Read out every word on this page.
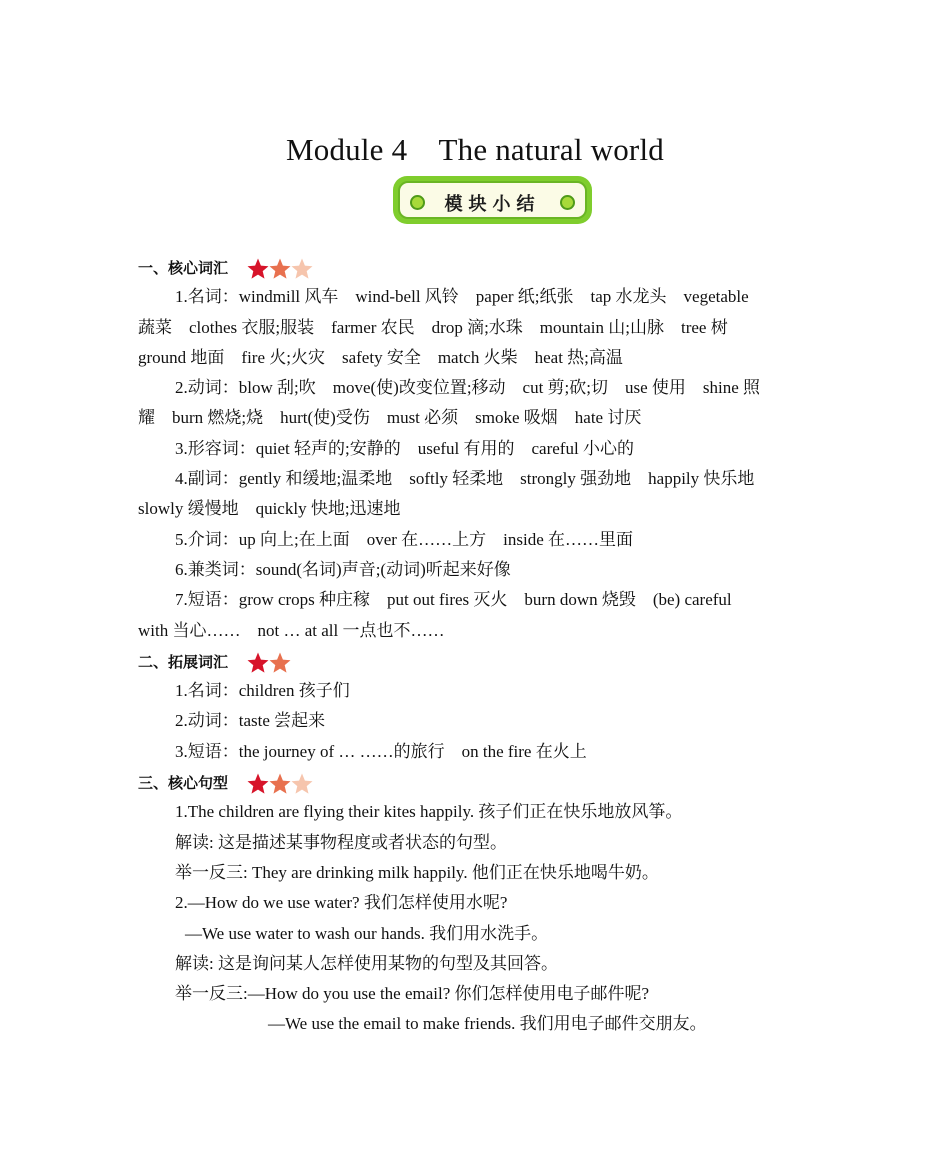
Module 4　The natural world
模块小结
一、核心词汇
1.名词：windmill 风车　wind-bell 风铃　paper 纸;纸张　tap 水龙头　vegetable
蔬菜　clothes 衣服;服装　farmer 农民　drop 滴;水珠　mountain 山;山脉　tree 树
ground 地面　fire 火;火灾　safety 安全　match 火柴　heat 热;高温
2.动词：blow 刮;吹　move(使)改变位置;移动　cut 剪;砍;切　use 使用　shine 照
耀　burn 燃烧;烧　hurt(使)受伤　must 必须　smoke 吸烟　hate 讨厌
3.形容词：quiet 轻声的;安静的　useful 有用的　careful 小心的
4.副词：gently 和缓地;温柔地　softly 轻柔地　strongly 强劲地　happily 快乐地
slowly 缓慢地　quickly 快地;迅速地
5.介词：up 向上;在上面　over 在……上方　inside 在……里面
6.兼类词：sound(名词)声音;(动词)听起来好像
7.短语：grow crops 种庄稼　put out fires 灭火　burn down 烧毁　(be) careful
with 当心……　not … at all 一点也不……
二、拓展词汇
1.名词：children 孩子们
2.动词：taste 尝起来
3.短语：the journey of … ……的旅行　on the fire 在火上
三、核心句型
1.The children are flying their kites happily. 孩子们正在快乐地放风筝。
解读: 这是描述某事物程度或者状态的句型。
举一反三: They are drinking milk happily. 他们正在快乐地喝牛奶。
2.—How do we use water? 我们怎样使用水呢?
—We use water to wash our hands. 我们用水洗手。
解读: 这是询问某人怎样使用某物的句型及其回答。
举一反三:—How do you use the email? 你们怎样使用电子邮件呢?
—We use the email to make friends. 我们用电子邮件交朋友。
